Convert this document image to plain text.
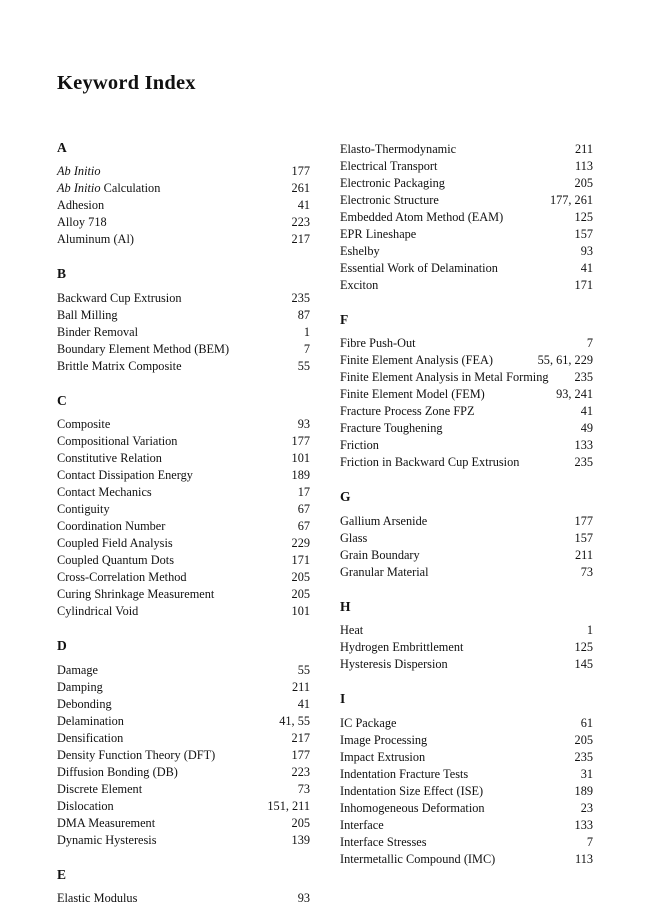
Keyword Index
A
Ab Initio	177
Ab Initio Calculation	261
Adhesion	41
Alloy 718	223
Aluminum (Al)	217
B
Backward Cup Extrusion	235
Ball Milling	87
Binder Removal	1
Boundary Element Method (BEM)	7
Brittle Matrix Composite	55
C
Composite	93
Compositional Variation	177
Constitutive Relation	101
Contact Dissipation Energy	189
Contact Mechanics	17
Contiguity	67
Coordination Number	67
Coupled Field Analysis	229
Coupled Quantum Dots	171
Cross-Correlation Method	205
Curing Shrinkage Measurement	205
Cylindrical Void	101
D
Damage	55
Damping	211
Debonding	41
Delamination	41, 55
Densification	217
Density Function Theory (DFT)	177
Diffusion Bonding (DB)	223
Discrete Element	73
Dislocation	151, 211
DMA Measurement	205
Dynamic Hysteresis	139
E
Elastic Modulus	93
Elasto-Thermodynamic	211
Electrical Transport	113
Electronic Packaging	205
Electronic Structure	177, 261
Embedded Atom Method (EAM)	125
EPR Lineshape	157
Eshelby	93
Essential Work of Delamination	41
Exciton	171
F
Fibre Push-Out	7
Finite Element Analysis (FEA)	55, 61, 229
Finite Element Analysis in Metal Forming	235
Finite Element Model (FEM)	93, 241
Fracture Process Zone FPZ	41
Fracture Toughening	49
Friction	133
Friction in Backward Cup Extrusion	235
G
Gallium Arsenide	177
Glass	157
Grain Boundary	211
Granular Material	73
H
Heat	1
Hydrogen Embrittlement	125
Hysteresis Dispersion	145
I
IC Package	61
Image Processing	205
Impact Extrusion	235
Indentation Fracture Tests	31
Indentation Size Effect (ISE)	189
Inhomogeneous Deformation	23
Interface	133
Interface Stresses	7
Intermetallic Compound (IMC)	113
